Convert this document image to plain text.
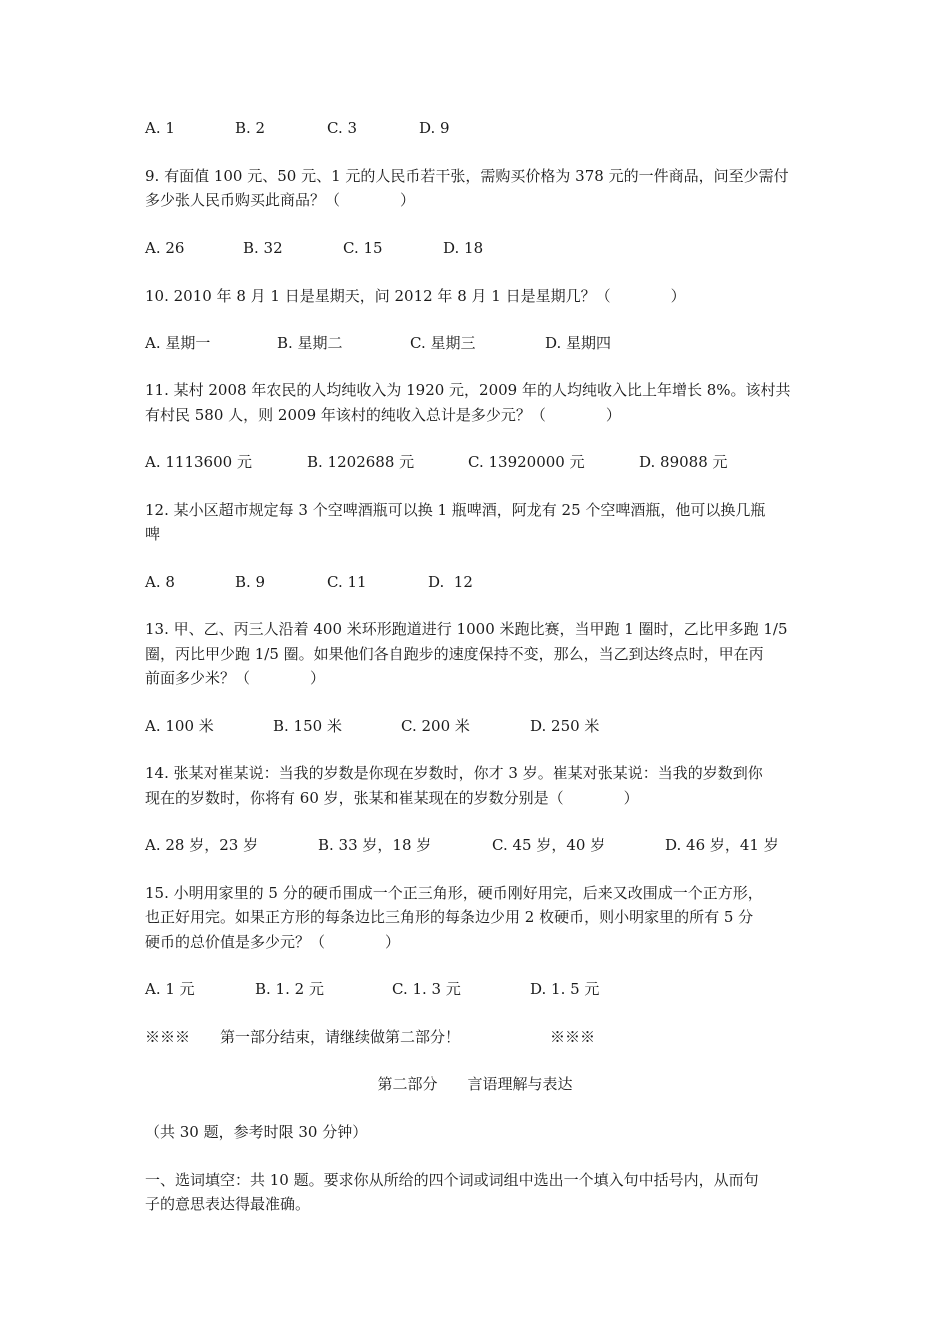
A. 1	B. 2	C. 3	D. 9
9. 有面值 100 元、50 元、1 元的人民币若干张，需购买价格为 378 元的一件商品，问至少需付
多少张人民币购买此商品？（　　　　）
A. 26	B. 32	C. 15	D. 18
10. 2010 年 8 月 1 日是星期天，问 2012 年 8 月 1 日是星期几？（　　　　）
A. 星期一	B. 星期二	C. 星期三	D. 星期四
11. 某村 2008 年农民的人均纯收入为 1920 元，2009 年的人均纯收入比上年增长 8%。该村共
有村民 580 人，则 2009 年该村的纯收入总计是多少元？（　　　　）
A. 1113600 元	B. 1202688 元	C. 13920000 元	D. 89088 元
12. 某小区超市规定每 3 个空啤酒瓶可以换 1 瓶啤酒，阿龙有 25 个空啤酒瓶，他可以换几瓶
啤
A. 8	B. 9	C. 11	D.  12
13. 甲、乙、丙三人沿着 400 米环形跑道进行 1000 米跑比赛，当甲跑 1 圈时，乙比甲多跑 1/5
圈，丙比甲少跑 1/5 圈。如果他们各自跑步的速度保持不变，那么，当乙到达终点时，甲在丙
前面多少米？（　　　　）
A. 100 米	B. 150 米	C. 200 米	D. 250 米
14. 张某对崔某说：当我的岁数是你现在岁数时，你才 3 岁。崔某对张某说：当我的岁数到你
现在的岁数时，你将有 60 岁，张某和崔某现在的岁数分别是（　　　　）
A. 28 岁，23 岁	B. 33 岁，18 岁	C. 45 岁，40 岁	D. 46 岁，41 岁
15. 小明用家里的 5 分的硬币围成一个正三角形，硬币刚好用完，后来又改围成一个正方形，
也正好用完。如果正方形的每条边比三角形的每条边少用 2 枚硬币，则小明家里的所有 5 分
硬币的总价值是多少元？（　　　　）
A. 1 元	B. 1. 2 元	C. 1. 3 元	D. 1. 5 元
※※※　　第一部分结束，请继续做第二部分！　　　　　　※※※
第二部分　　言语理解与表达
（共 30 题，参考时限 30 分钟）
一、选词填空：共 10 题。要求你从所给的四个词或词组中选出一个填入句中括号内，从而句
子的意思表达得最准确。
